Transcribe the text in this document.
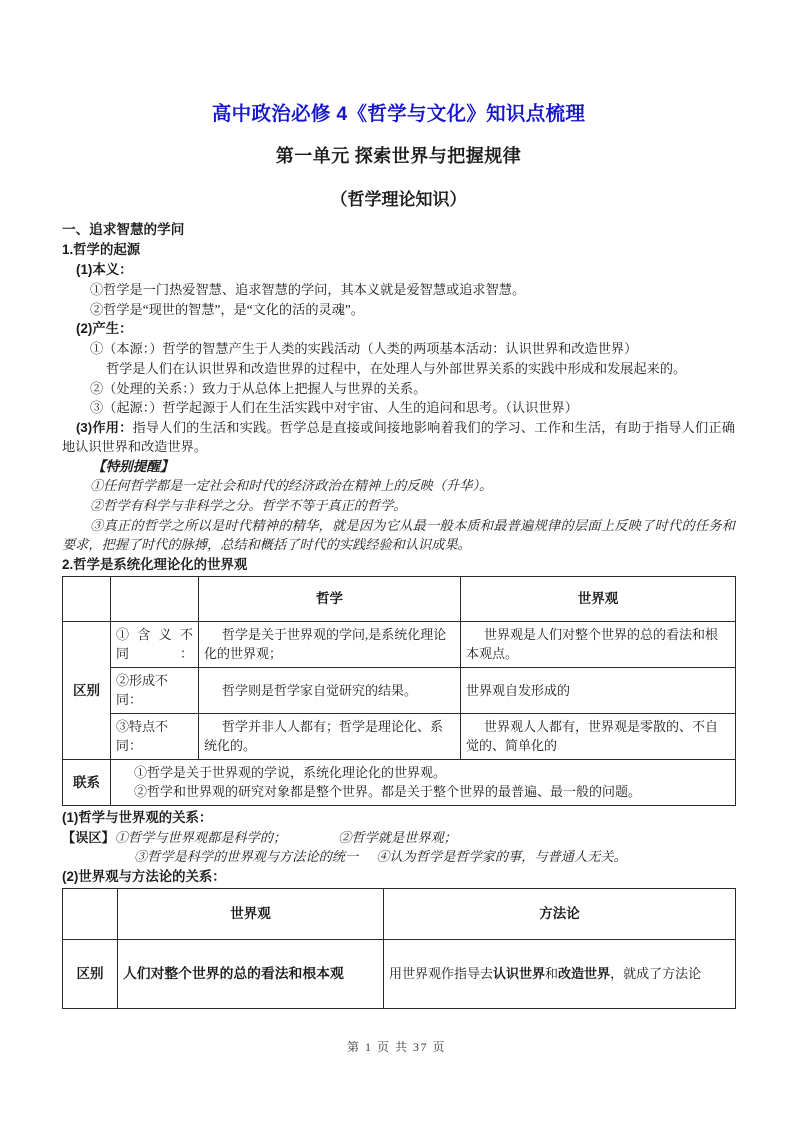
高中政治必修 4《哲学与文化》知识点梳理
第一单元 探索世界与把握规律
（哲学理论知识）

一、追求智慧的学问

1.哲学的起源

(1)本义：

①哲学是一门热爱智慧、追求智慧的学问，其本义就是爱智慧或追求智慧。

②哲学是“现世的智慧”，是“文化的活的灵魂”。

(2)产生：

①（本源：）哲学的智慧产生于人类的实践活动（人类的两项基本活动：认识世界和改造世界）

哲学是人们在认识世界和改造世界的过程中，在处理人与外部世界关系的实践中形成和发展起来的。

②（处理的关系：）致力于从总体上把握人与世界的关系。

③（起源：）哲学起源于人们在生活实践中对宇宙、人生的追问和思考。（认识世界）

(3)作用：指导人们的生活和实践。哲学总是直接或间接地影响着我们的学习、工作和生活，有助于指导人们正确地认识世界和改造世界。

【特别提醒】

①任何哲学都是一定社会和时代的经济政治在精神上的反映（升华）。

②哲学有科学与非科学之分。哲学不等于真正的哲学。

③真正的哲学之所以是时代精神的精华，就是因为它从最一般本质和最普遍规律的层面上反映了时代的任务和要求，把握了时代的脉搏，总结和概括了时代的实践经验和认识成果。

2.哲学是系统化理论化的世界观

		哲学	世界观
区别	① 含 义 不同：	哲学是关于世界观的学问,是系统化理论化的世界观；	世界观是人们对整个世界的总的看法和根本观点。
	②形成不同：	哲学则是哲学家自觉研究的结果。	世界观自发形成的
	③特点不同：	哲学并非人人都有；哲学是理论化、系统化的。	世界观人人都有，世界观是零散的、不自觉的、简单化的
联系	①哲学是关于世界观的学说，系统化理论化的世界观。
②哲学和世界观的研究对象都是整个世界。都是关于整个世界的最普遍、最一般的问题。		

(1)哲学与世界观的关系：

【误区】①哲学与世界观都是科学的；	②哲学就是世界观；

③哲学是科学的世界观与方法论的统一 ④认为哲学是哲学家的事，与普通人无关。

(2)世界观与方法论的关系：

	世界观	方法论
区别	人们对整个世界的总的看法和根本观	用世界观作指导去认识世界和改造世界，就成了方法论
第 1 页 共 37 页
